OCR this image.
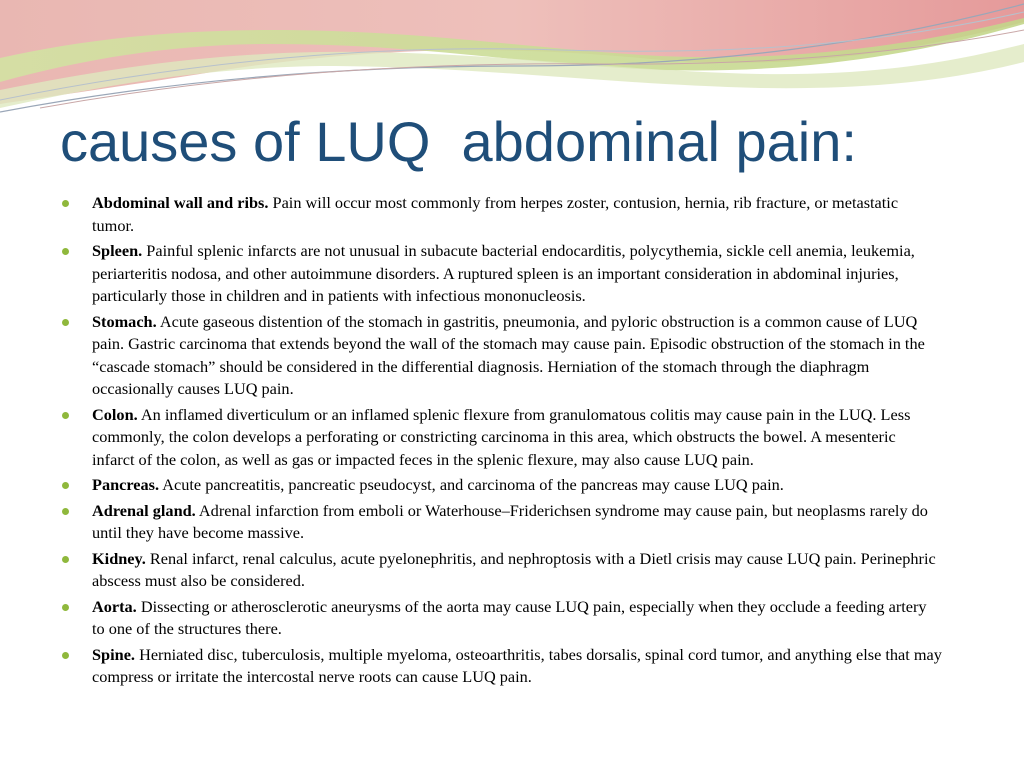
causes of LUQ  abdominal pain:
Abdominal wall and ribs. Pain will occur most commonly from herpes zoster, contusion, hernia, rib fracture, or metastatic tumor.
Spleen. Painful splenic infarcts are not unusual in subacute bacterial endocarditis, polycythemia, sickle cell anemia, leukemia, periarteritis nodosa, and other autoimmune disorders. A ruptured spleen is an important consideration in abdominal injuries, particularly those in children and in patients with infectious mononucleosis.
Stomach. Acute gaseous distention of the stomach in gastritis, pneumonia, and pyloric obstruction is a common cause of LUQ pain. Gastric carcinoma that extends beyond the wall of the stomach may cause pain. Episodic obstruction of the stomach in the “cascade stomach” should be considered in the differential diagnosis. Herniation of the stomach through the diaphragm occasionally causes LUQ pain.
Colon. An inflamed diverticulum or an inflamed splenic flexure from granulomatous colitis may cause pain in the LUQ. Less commonly, the colon develops a perforating or constricting carcinoma in this area, which obstructs the bowel. A mesenteric infarct of the colon, as well as gas or impacted feces in the splenic flexure, may also cause LUQ pain.
Pancreas. Acute pancreatitis, pancreatic pseudocyst, and carcinoma of the pancreas may cause LUQ pain.
Adrenal gland. Adrenal infarction from emboli or Waterhouse–Friderichsen syndrome may cause pain, but neoplasms rarely do until they have become massive.
Kidney. Renal infarct, renal calculus, acute pyelonephritis, and nephroptosis with a Dietl crisis may cause LUQ pain. Perinephric abscess must also be considered.
Aorta. Dissecting or atherosclerotic aneurysms of the aorta may cause LUQ pain, especially when they occlude a feeding artery to one of the structures there.
Spine. Herniated disc, tuberculosis, multiple myeloma, osteoarthritis, tabes dorsalis, spinal cord tumor, and anything else that may compress or irritate the intercostal nerve roots can cause LUQ pain.
